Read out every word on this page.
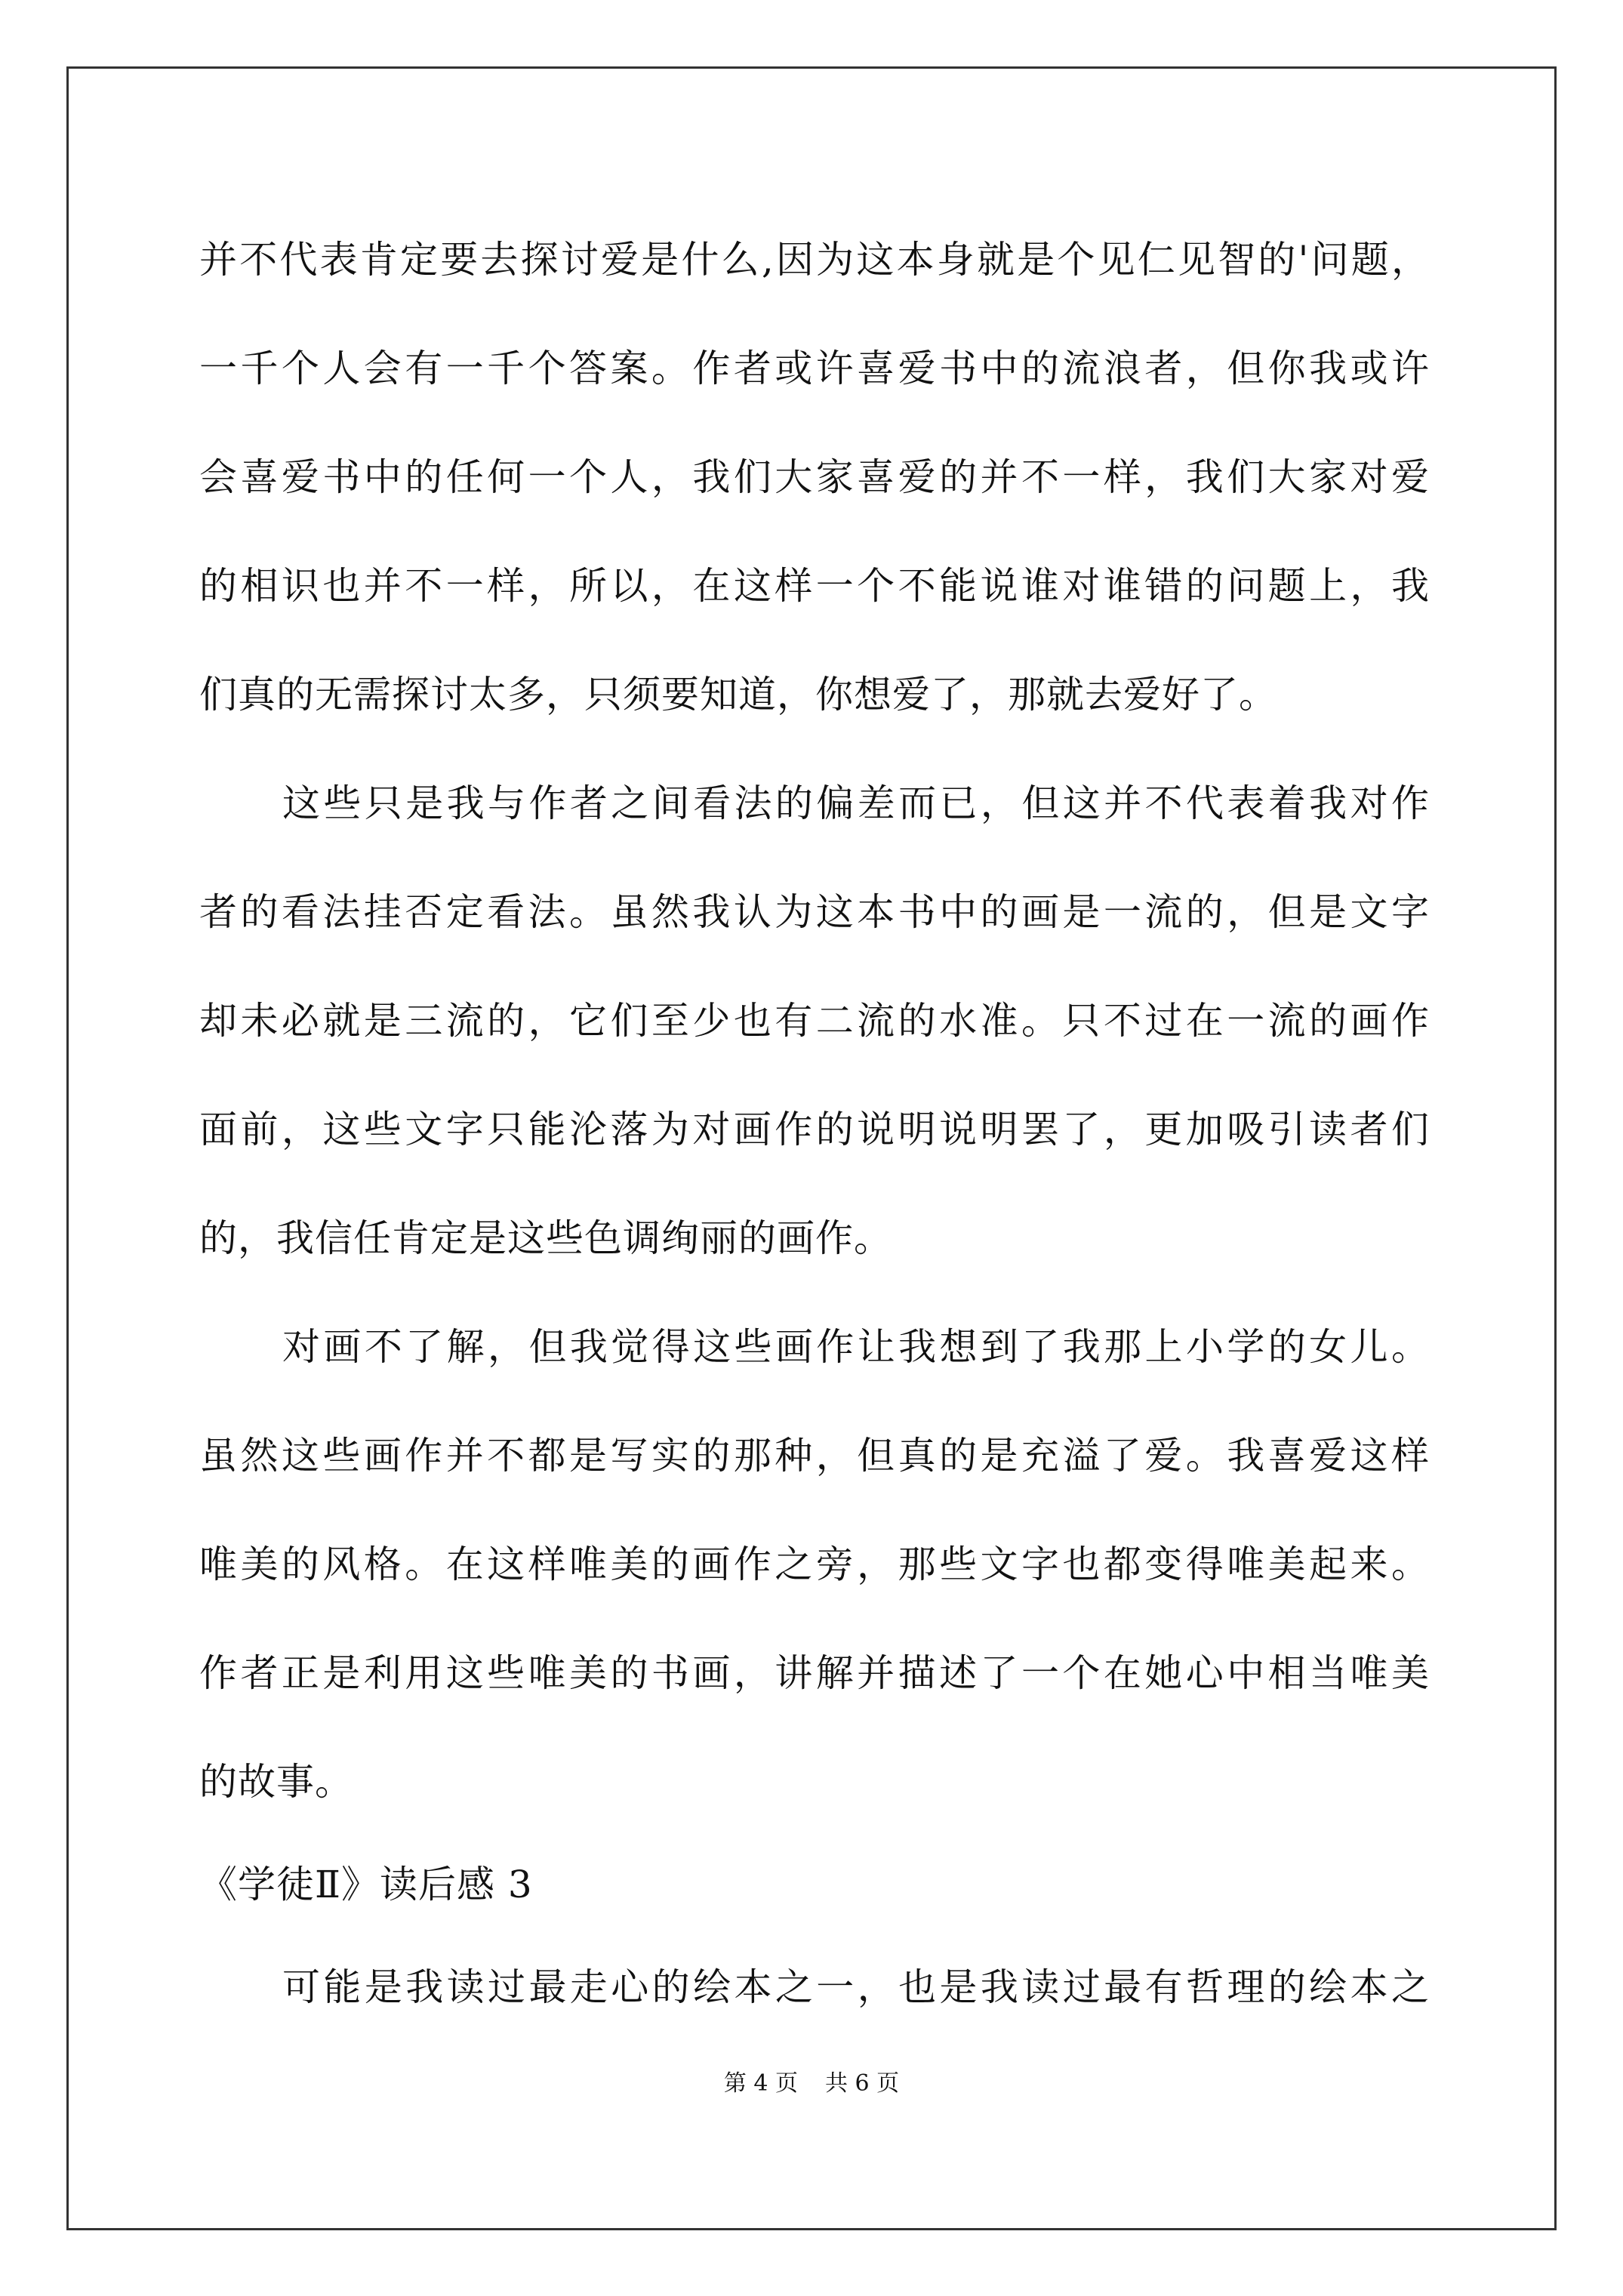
并不代表肯定要去探讨爱是什么,因为这本身就是个见仁见智的'问题，
一千个人会有一千个答案。作者或许喜爱书中的流浪者，但你我或许
会喜爱书中的任何一个人，我们大家喜爱的并不一样，我们大家对爱
的相识也并不一样，所以，在这样一个不能说谁对谁错的问题上，我
们真的无需探讨太多，只须要知道，你想爱了，那就去爱好了。
这些只是我与作者之间看法的偏差而已，但这并不代表着我对作
者的看法挂否定看法。虽然我认为这本书中的画是一流的，但是文字
却未必就是三流的，它们至少也有二流的水准。只不过在一流的画作
面前，这些文字只能沦落为对画作的说明说明罢了，更加吸引读者们
的，我信任肯定是这些色调绚丽的画作。
对画不了解，但我觉得这些画作让我想到了我那上小学的女儿。
虽然这些画作并不都是写实的那种，但真的是充溢了爱。我喜爱这样
唯美的风格。在这样唯美的画作之旁，那些文字也都变得唯美起来。
作者正是利用这些唯美的书画，讲解并描述了一个在她心中相当唯美
的故事。
《学徒Ⅱ》读后感 3
可能是我读过最走心的绘本之一，也是我读过最有哲理的绘本之
第 4 页 共 6 页
